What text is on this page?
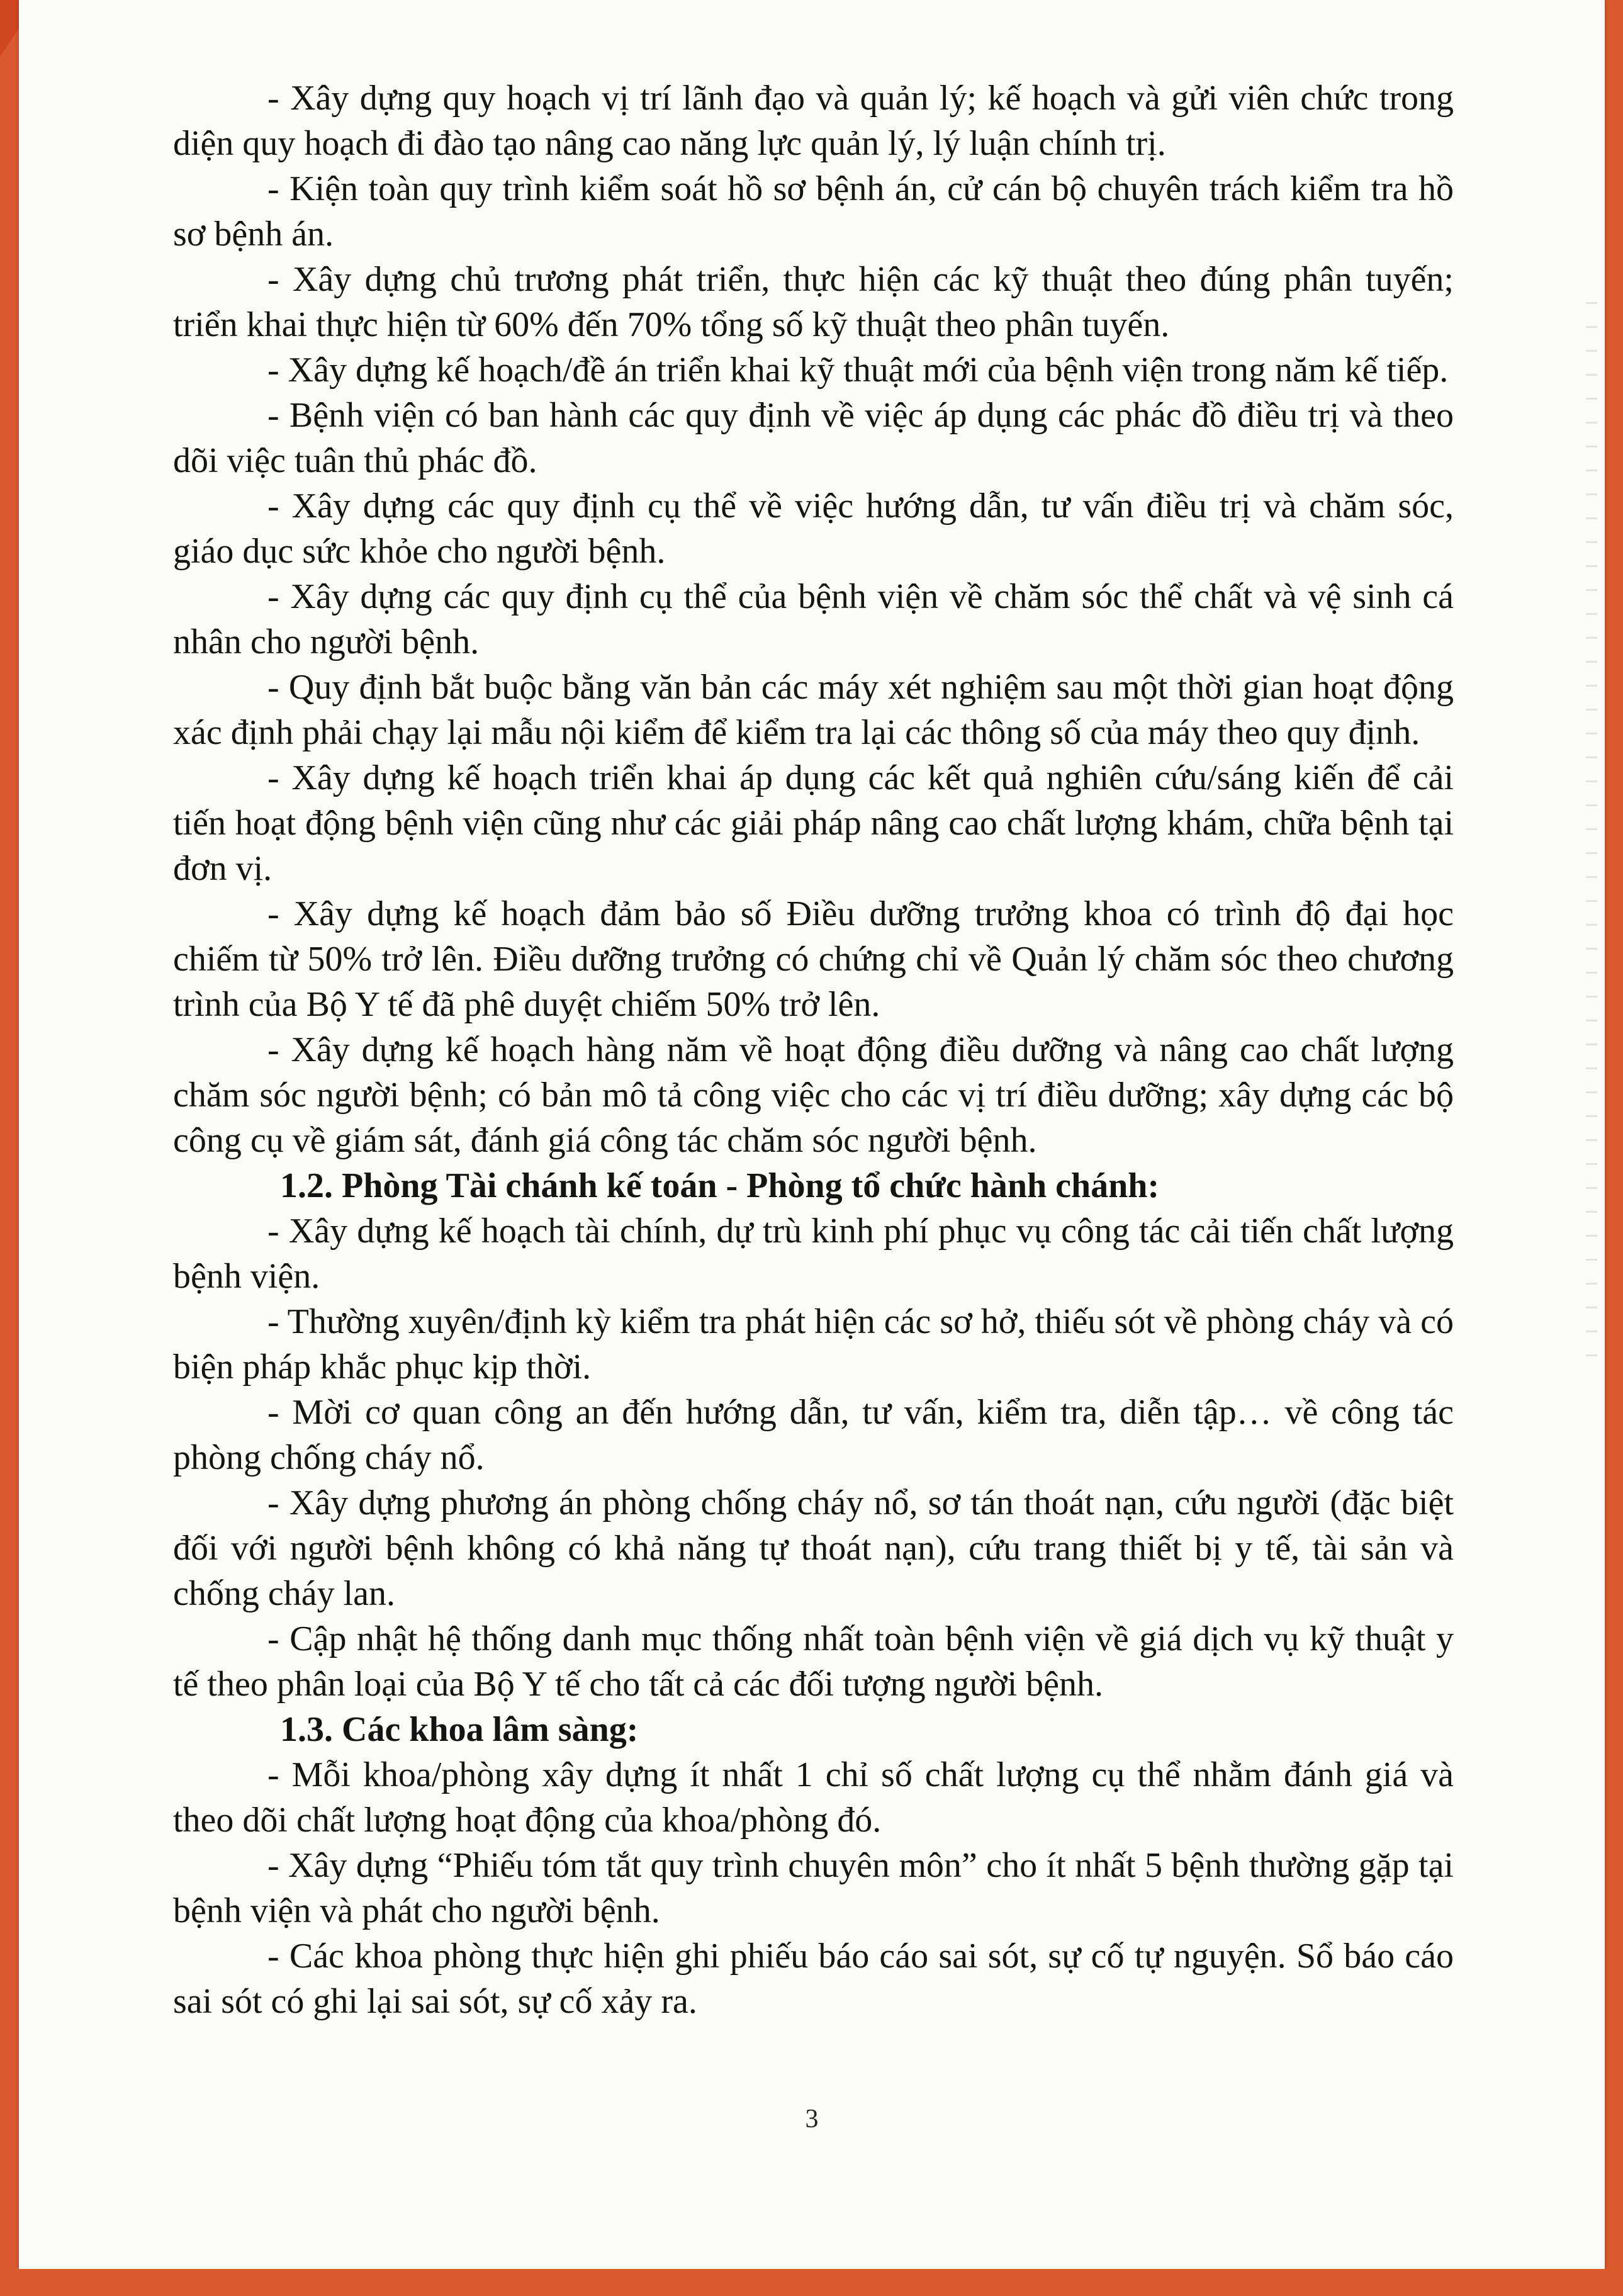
- Xây dựng quy hoạch vị trí lãnh đạo và quản lý; kế hoạch và gửi viên chức trong diện quy hoạch đi đào tạo nâng cao năng lực quản lý, lý luận chính trị.

- Kiện toàn quy trình kiểm soát hồ sơ bệnh án, cử cán bộ chuyên trách kiểm tra hồ sơ bệnh án.

- Xây dựng chủ trương phát triển, thực hiện các kỹ thuật theo đúng phân tuyến; triển khai thực hiện từ 60% đến 70% tổng số kỹ thuật theo phân tuyến.

- Xây dựng kế hoạch/đề án triển khai kỹ thuật mới của bệnh viện trong năm kế tiếp.

- Bệnh viện có ban hành các quy định về việc áp dụng các phác đồ điều trị và theo dõi việc tuân thủ phác đồ.

- Xây dựng các quy định cụ thể về việc hướng dẫn, tư vấn điều trị và chăm sóc, giáo dục sức khỏe cho người bệnh.

- Xây dựng các quy định cụ thể của bệnh viện về chăm sóc thể chất và vệ sinh cá nhân cho người bệnh.

- Quy định bắt buộc bằng văn bản các máy xét nghiệm sau một thời gian hoạt động xác định phải chạy lại mẫu nội kiểm để kiểm tra lại các thông số của máy theo quy định.

- Xây dựng kế hoạch triển khai áp dụng các kết quả nghiên cứu/sáng kiến để cải tiến hoạt động bệnh viện cũng như các giải pháp nâng cao chất lượng khám, chữa bệnh tại đơn vị.

- Xây dựng kế hoạch đảm bảo số Điều dưỡng trưởng khoa có trình độ đại học chiếm từ 50% trở lên. Điều dưỡng trưởng có chứng chỉ về Quản lý chăm sóc theo chương trình của Bộ Y tế đã phê duyệt chiếm 50% trở lên.

- Xây dựng kế hoạch hàng năm về hoạt động điều dưỡng và nâng cao chất lượng chăm sóc người bệnh; có bản mô tả công việc cho các vị trí điều dưỡng; xây dựng các bộ công cụ về giám sát, đánh giá công tác chăm sóc người bệnh.

1.2. Phòng Tài chánh kế toán - Phòng tổ chức hành chánh:

- Xây dựng kế hoạch tài chính, dự trù kinh phí phục vụ công tác cải tiến chất lượng bệnh viện.

- Thường xuyên/định kỳ kiểm tra phát hiện các sơ hở, thiếu sót về phòng cháy và có biện pháp khắc phục kịp thời.

- Mời cơ quan công an đến hướng dẫn, tư vấn, kiểm tra, diễn tập… về công tác phòng chống cháy nổ.

- Xây dựng phương án phòng chống cháy nổ, sơ tán thoát nạn, cứu người (đặc biệt đối với người bệnh không có khả năng tự thoát nạn), cứu trang thiết bị y tế, tài sản và chống cháy lan.

- Cập nhật hệ thống danh mục thống nhất toàn bệnh viện về giá dịch vụ kỹ thuật y tế theo phân loại của Bộ Y tế cho tất cả các đối tượng người bệnh.

1.3. Các khoa lâm sàng:

- Mỗi khoa/phòng xây dựng ít nhất 1 chỉ số chất lượng cụ thể nhằm đánh giá và theo dõi chất lượng hoạt động của khoa/phòng đó.

- Xây dựng “Phiếu tóm tắt quy trình chuyên môn” cho ít nhất 5 bệnh thường gặp tại bệnh viện và phát cho người bệnh.

- Các khoa phòng thực hiện ghi phiếu báo cáo sai sót, sự cố tự nguyện. Sổ báo cáo sai sót có ghi lại sai sót, sự cố xảy ra.

3
